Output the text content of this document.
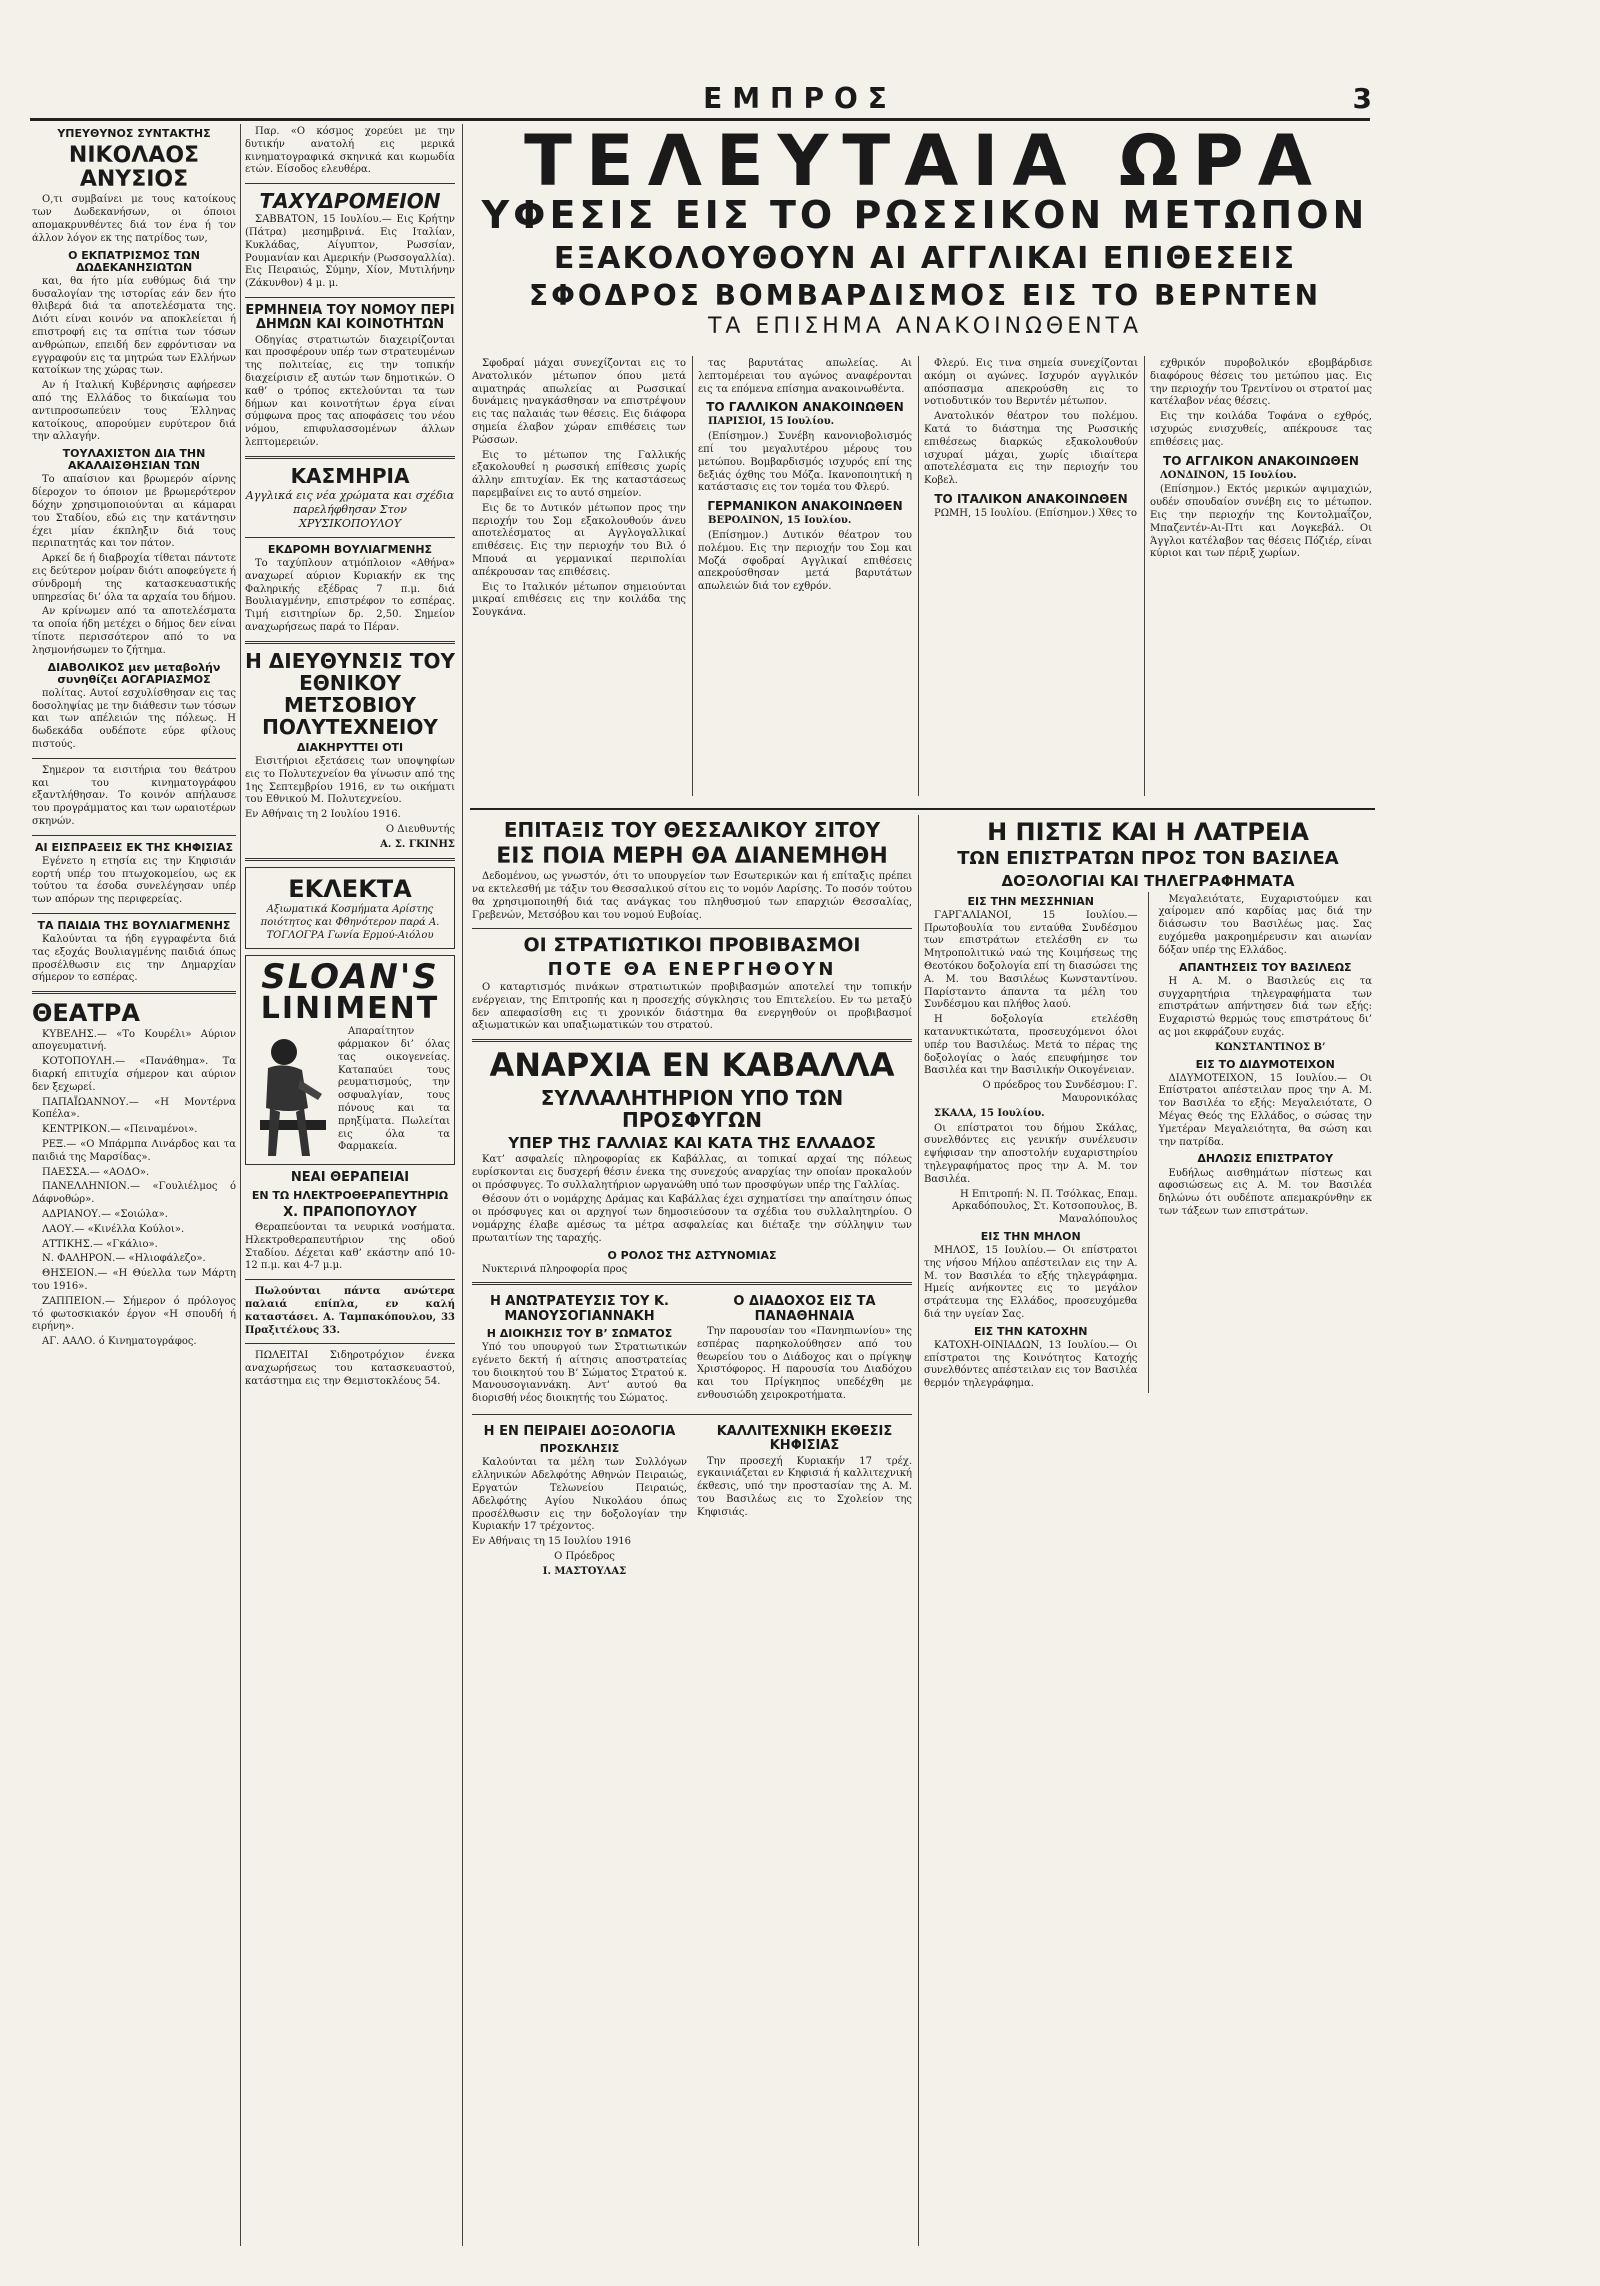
ΕΜΠΡΟΣ	3
ΥΠΕΥΘΥΝΟΣ ΣΥΝΤΑΚΤΗΣ
ΝΙΚΟΛΑΟΣ ΑΝΥΣΙΟΣ
Ο,τι συμβαίνει με τους κατοίκους των Δωδεκανήσων, οι όποιοι απομακρυνθέντες διά τον ένα ή τον άλλον λόγον εκ της πατρίδος των,
Ο ΕΚΠΑΤΡΙΣΜΟΣ ΤΩΝ ΔΩΔΕΚΑΝΗΣΙΩΤΩΝ
και, θα ήτο μία ευθύμως διά την δυσαλογίαν της ιστορίας εάν δεν ήτο θλιβερά διά τα αποτελέσματα της. Διότι είναι κοινόν να αποκλείεται ή επιστροφή εις τα σπίτια των τόσων ανθρώπων, επειδή δεν εφρόντισαν να εγγραφούν εις τα μητρώα των Ελλήνων κατοίκων της χώρας των.
Αν ή Ιταλική Κυβέρνησις αφήρεσεν από της Ελλάδος το δικαίωμα του αντιπροσωπεύειν τους Έλληνας κατοίκους, απορούμεν ευρύτερον διά την αλλαγήν.
ΤΟΥΛΑΧΙΣΤΟΝ ΔΙΑ ΤΗΝ ΑΚΑΛΑΙΣΘΗΣΙΑΝ ΤΩΝ
Το απαίσιον και βρωμερόν αίρνης δίεροχον το όποιον με βρωμερότερον δόχην χρησιμοποιούνται αι κάμαραι του Σταδίου, εδώ εις την κατάντησιν έχει μίαν έκπληξιν διά τους περιπατητάς και τον πάτον.
Αρκεί δε ή διαβροχία τίθεται πάντοτε εις δεύτερον μοίραν διότι αποφεύγετε ή σύνδρομή της κατασκευαστικής υπηρεσίας δι’ όλα τα αρχαία του δήμου.
Αν κρίνωμεν από τα αποτελέσματα τα οποία ήδη μετέχει ο δήμος δεν είναι τίποτε περισσότερον από το να λησμονήσωμεν το ζήτημα.
ΔΙΑΒΟΛΙΚΟΣ μεν μεταβολήν συνηθίζει ΑΟΓΑΡΙΑΣΜΟΣ
πολίτας. Αυτοί εσχυλίσθησαν εις τας δοσοληψίας με την διάθεσιν των τόσων και των απέλειών της πόλεως. Η δωδεκάδα ουδέποτε εύρε φίλους πιστούς.
Σημερον τα εισιτήρια του θεάτρου και του κινηματογράφου εξαντλήθησαν. Το κοινόν απήλαυσε του προγράμματος και των ωραιοτέρων σκηνών.
ΑΙ ΕΙΣΠΡΑΞΕΙΣ ΕΚ ΤΗΣ ΚΗΦΙΣΙΑΣ
Εγένετο η ετησία εις την Κηφισιάν εορτή υπέρ του πτωχοκομείου, ως εκ τούτου τα έσοδα συνελέγησαν υπέρ των απόρων της περιφερείας.
ΤΑ ΠΑΙΔΙΑ ΤΗΣ ΒΟΥΛΙΑΓΜΕΝΗΣ
Καλούνται τα ήδη εγγραφέντα διά τας εξοχάς Βουλιαγμένης παιδιά όπως προσέλθωσιν εις την Δημαρχίαν σήμερον το εσπέρας.
ΘΕΑΤΡΑ
ΚΥΒΕΛΗΣ.— «Το Κουρέλι» Αύριον απογευματινή.
ΚΟΤΟΠΟΥΛΗ.— «Πανάθημα». Τα διαρκή επιτυχία σήμερον και αύριον δεν ξεχωρεί.
ΠΑΠΑΪΩΑΝΝΟΥ.— «Η Μοντέρνα Κοπέλα».
ΚΕΝΤΡΙΚΟΝ.— «Πειναμένοι».
ΡΕΞ.— «Ο Μπάρμπα Λινάρδος και τα παιδιά της Μαρσίδας».
ΠΑΕΣΣΑ.— «ΑΟΔΟ».
ΠΑΝΕΛΛΗΝΙΟΝ.— «Γουλιέλμος ό Δάφνοθώρ».
ΑΔΡΙΑΝΟΥ.— «Σοιώλα».
ΛΑΟΥ.— «Κινέλλα Κούλοι».
ΑΤΤΙΚΗΣ.— «Γκάλιο».
Ν. ΦΑΛΗΡΟΝ.— «Ηλιοφάλεζο».
ΘΗΣΕΙΟΝ.— «Η Θύελλα των Μάρτη του 1916».
ΖΑΠΠΕΙΟΝ.— Σήμερον ό πρόλογος τό φωτοσκιακόν έργον «Η σπουδή ή ειρήνη».
ΑΓ. ΑΑΛΟ. ό Κινηματογράφος.
Παρ. «Ο κόσμος χορεύει με την δυτικήν ανατολή εις μερικά κινηματογραφικά σκηνικά και κωμωδία ετών. Είσοδος ελευθέρα.
ΤΑΧΥΔΡΟΜΕΙΟΝ
ΣΑΒΒΑΤΟΝ, 15 Ιουλίου.— Εις Κρήτην (Πάτρα) μεσημβρινά. Εις Ιταλίαν, Κυκλάδας, Αίγυπτον, Ρωσσίαν, Ρουμανίαν και Αμερικήν (Ρωσσογαλλία). Εις Πειραιώς, Σύμην, Χίον, Μυτιλήνην (Ζάκυνθον) 4 μ. μ.
ΕΡΜΗΝΕΙΑ ΤΟΥ ΝΟΜΟΥ ΠΕΡΙ ΔΗΜΩΝ ΚΑΙ ΚΟΙΝΟΤΗΤΩΝ
Οδηγίας στρατιωτών διαχειρίζονται και προσφέρουν υπέρ των στρατευμένων της πολιτείας, εις την τοπικήν διαχείρισιν εξ αυτών των δημοτικών. Ο καθ’ ο τρόπος εκτελούνται τα των δήμων και κοινοτήτων έργα είναι σύμφωνα προς τας αποφάσεις του νέου νόμου, επιφυλασσομένων άλλων λεπτομερειών.
ΚΑΣΜΗΡΙΑ
Αγγλικά εις νέα χρώματα και σχέδια παρελήφθησαν Στον ΧΡΥΣΙΚΟΠΟΥΛΟΥ
ΕΚΔΡΟΜΗ ΒΟΥΛΙΑΓΜΕΝΗΣ
Το ταχύπλουν ατμόπλοιον «Αθήνα» αναχωρεί αύριον Κυριακήν εκ της Φαληρικής εξέδρας 7 π.μ. διά Βουλιαγμένην, επιστρέφον το εσπέρας. Τιμή εισιτηρίων δρ. 2,50. Σημείον αναχωρήσεως παρά το Πέραν.
Η ΔΙΕΥΘΥΝΣΙΣ ΤΟΥ ΕΘΝΙΚΟΥ ΜΕΤΣΟΒΙΟΥ ΠΟΛΥΤΕΧΝΕΙΟΥ
ΔΙΑΚΗΡΥΤΤΕΙ ΟΤΙ
Εισιτήριοι εξετάσεις των υποψηφίων εις το Πολυτεχνείον θα γίνωσιν από της 1ης Σεπτεμβρίου 1916, εν τω οικήματι του Εθνικού Μ. Πολυτεχνείου.
Εν Αθήναις τη 2 Ιουλίου 1916.
Ο Διευθυντής
Α. Σ. ΓΚΙΝΗΣ
ΕΚΛΕΚΤΑ
Αξιωματικά Κοσμήματα Αρίστης ποιότητος και Φθηνότερον παρά Α. ΤΟΓΛΟΓΡΑ Γωνία Ερμού-Αιόλου
SLOAN'S
LINIMENT
Απαραίτητον φάρμακον δι’ όλας τας οικογενείας. Καταπαύει τους ρευματισμούς, την οσφυαλγίαν, τους πόνους και τα πρηξίματα. Πωλείται εις όλα τα Φαρμακεία.
ΝΕΑΙ ΘΕΡΑΠΕΙΑΙ
ΕΝ ΤΩ ΗΛΕΚΤΡΟΘΕΡΑΠΕΥΤΗΡΙΩ
Χ. ΠΡΑΠΟΠΟΥΛΟΥ
Θεραπεύονται τα νευρικά νοσήματα. Ηλεκτροθεραπευτήριον της οδού Σταδίου. Δέχεται καθ’ εκάστην από 10-12 π.μ. και 4-7 μ.μ.
Πωλούνται πάντα ανώτερα παλαιά επίπλα, εν καλή καταστάσει. Α. Ταμπακόπουλου, 33 Πραξιτέλους 33.
ΠΩΛΕΙΤΑΙ Σιδηροτρόχιον ένεκα αναχωρήσεως του κατασκευαστού, κατάστημα εις την Θεμιστοκλέους 54.
ΤΕΛΕΥΤΑΙΑ ΩΡΑ
ΥΦΕΣΙΣ ΕΙΣ ΤΟ ΡΩΣΣΙΚΟΝ ΜΕΤΩΠΟΝ
ΕΞΑΚΟΛΟΥΘΟΥΝ ΑΙ ΑΓΓΛΙΚΑΙ ΕΠΙΘΕΣΕΙΣ
ΣΦΟΔΡΟΣ ΒΟΜΒΑΡΔΙΣΜΟΣ ΕΙΣ ΤΟ ΒΕΡΝΤΕΝ
ΤΑ ΕΠΙΣΗΜΑ ΑΝΑΚΟΙΝΩΘΕΝΤΑ
Σφοδραί μάχαι συνεχίζονται εις το Ανατολικόν μέτωπον όπου μετά αιματηράς απωλείας αι Ρωσσικαί δυνάμεις ηναγκάσθησαν να επιστρέψουν εις τας παλαιάς των θέσεις. Εις διάφορα σημεία έλαβον χώραν επιθέσεις των Ρώσσων.
Εις το μέτωπον της Γαλλικής εξακολουθεί η ρωσσική επίθεσις χωρίς άλλην επιτυχίαν. Εκ της καταστάσεως παρεμβαίνει εις το αυτό σημείον.
Εις δε το Δυτικόν μέτωπον προς την περιοχήν του Σομ εξακολουθούν άνευ αποτελέσματος αι Αγγλογαλλικαί επιθέσεις. Εις την περιοχήν του Βιλ ό Μπουά αι γερμανικαί περιπολίαι απέκρουσαν τας επιθέσεις.
Εις το Ιταλικόν μέτωπον σημειούνται μικραί επιθέσεις εις την κοιλάδα της Σουγκάνα.
τας βαρυτάτας απωλείας. Αι λεπτομέρειαι του αγώνος αναφέρονται εις τα επόμενα επίσημα ανακοινωθέντα.
ΤΟ ΓΑΛΛΙΚΟΝ ΑΝΑΚΟΙΝΩΘΕΝ
ΠΑΡΙΣΙΟΙ, 15 Ιουλίου.
(Επίσημον.) Συνέβη κανονιοβολισμός επί του μεγαλυτέρου μέρους του μετώπου. Βομβαρδισμός ισχυρός επί της δεξιάς όχθης του Μόζα. Ικανοποιητική η κατάστασις εις τον τομέα του Φλερύ.
ΓΕΡΜΑΝΙΚΟΝ ΑΝΑΚΟΙΝΩΘΕΝ
ΒΕΡΟΛΙΝΟΝ, 15 Ιουλίου.
(Επίσημον.) Δυτικόν θέατρον του πολέμου. Εις την περιοχήν του Σομ και Μοζά σφοδραί Αγγλικαί επιθέσεις απεκρούσθησαν μετά βαρυτάτων απωλειών διά τον εχθρόν.
Φλερύ. Εις τινα σημεία συνεχίζονται ακόμη οι αγώνες. Ισχυρόν αγγλικόν απόσπασμα απεκρούσθη εις το νοτιοδυτικόν του Βερντέν μέτωπον.
Ανατολικόν θέατρον του πολέμου. Κατά το διάστημα της Ρωσσικής επιθέσεως διαρκώς εξακολουθούν ισχυραί μάχαι, χωρίς ιδιαίτερα αποτελέσματα εις την περιοχήν του Κοβελ.
ΤΟ ΙΤΑΛΙΚΟΝ ΑΝΑΚΟΙΝΩΘΕΝ
ΡΩΜΗ, 15 Ιουλίου. (Επίσημον.) Χθες το
εχθρικόν πυροβολικόν εβομβάρδισε διαφόρους θέσεις του μετώπου μας. Εις την περιοχήν του Τρεντίνου οι στρατοί μας κατέλαβον νέας θέσεις.
Εις την κοιλάδα Τοφάνα ο εχθρός, ισχυρώς ενισχυθείς, απέκρουσε τας επιθέσεις μας.
ΤΟ ΑΓΓΛΙΚΟΝ ΑΝΑΚΟΙΝΩΘΕΝ
ΛΟΝΔΙΝΟΝ, 15 Ιουλίου.
(Επίσημον.) Εκτός μερικών αψιμαχιών, ουδέν σπουδαίον συνέβη εις το μέτωπον. Εις την περιοχήν της Κοντολμαΐζον, Μπαζεντέν-Αι-Πτι και Λογκεβάλ. Οι Άγγλοι κατέλαβον τας θέσεις Πόζιέρ, είναι κύριοι και των πέριξ χωρίων.
ΕΠΙΤΑΞΙΣ ΤΟΥ ΘΕΣΣΑΛΙΚΟΥ ΣΙΤΟΥ
ΕΙΣ ΠΟΙΑ ΜΕΡΗ ΘΑ ΔΙΑΝΕΜΗΘΗ
Δεδομένου, ως γνωστόν, ότι το υπουργείον των Εσωτερικών και ή επίταξις πρέπει να εκτελεσθή με τάξιν του Θεσσαλικού σίτου εις το νομόν Λαρίσης. Το ποσόν τούτου θα χρησιμοποιηθή διά τας ανάγκας του πληθυσμού των επαρχιών Θεσσαλίας, Γρεβενών, Μετσόβου και του νομού Ευβοίας.
ΟΙ ΣΤΡΑΤΙΩΤΙΚΟΙ ΠΡΟΒΙΒΑΣΜΟΙ
ΠΟΤΕ ΘΑ ΕΝΕΡΓΗΘΟΥΝ
Ο καταρτισμός πινάκων στρατιωτικών προβιβασμών αποτελεί την τοπικήν ενέργειαν, της Επιτροπής και η προσεχής σύγκλησις του Επιτελείου. Εν τω μεταξύ δεν απεφασίσθη εις τι χρονικόν διάστημα θα ενεργηθούν οι προβιβασμοί αξιωματικών και υπαξιωματικών του στρατού.
ΑΝΑΡΧΙΑ ΕΝ ΚΑΒΑΛΛΑ
ΣΥΛΛΑΛΗΤΗΡΙΟΝ ΥΠΟ ΤΩΝ ΠΡΟΣΦΥΓΩΝ
ΥΠΕΡ ΤΗΣ ΓΑΛΛΙΑΣ ΚΑΙ ΚΑΤΑ ΤΗΣ ΕΛΛΑΔΟΣ
Κατ’ ασφαλείς πληροφορίας εκ Καβάλλας, αι τοπικαί αρχαί της πόλεως ευρίσκονται εις δυσχερή θέσιν ένεκα της συνεχούς αναρχίας την οποίαν προκαλούν οι πρόσφυγες. Το συλλαλητήριον ωργανώθη υπό των προσφύγων υπέρ της Γαλλίας.
Θέσουν ότι ο νομάρχης Δράμας και Καβάλλας έχει σχηματίσει την απαίτησιν όπως οι πρόσφυγες και οι αρχηγοί των δημοσιεύσουν τα σχέδια του συλλαλητηρίου. Ο νομάρχης έλαβε αμέσως τα μέτρα ασφαλείας και διέταξε την σύλληψιν των πρωταιτίων της ταραχής.
Ο ΡΟΛΟΣ ΤΗΣ ΑΣΤΥΝΟΜΙΑΣ
Νυκτερινά πληροφορία προς
Η ΑΝΩΤΡΑΤΕΥΣΙΣ ΤΟΥ Κ. ΜΑΝΟΥΣΟΓΙΑΝΝΑΚΗ
Η ΔΙΟΙΚΗΣΙΣ ΤΟΥ Β’ ΣΩΜΑΤΟΣ
Υπό του υπουργού των Στρατιωτικών εγένετο δεκτή ή αίτησις αποστρατείας του διοικητού του Β’ Σώματος Στρατού κ. Μανουσογιαννάκη. Αντ’ αυτού θα διορισθή νέος διοικητής του Σώματος.
Ο ΔΙΑΔΟΧΟΣ ΕΙΣ ΤΑ ΠΑΝΑΘΗΝΑΙΑ
Την παρουσίαν του «Πανηπιωνίου» της εσπέρας παρηκολούθησεν από του θεωρείου του ο Διάδοχος και ο πρίγκηψ Χριστόφορος. Η παρουσία του Διαδόχου και του Πρίγκηπος υπεδέχθη με ενθουσιώδη χειροκροτήματα.
Η ΕΝ ΠΕΙΡΑΙΕΙ ΔΟΞΟΛΟΓΙΑ
ΠΡΟΣΚΛΗΣΙΣ
Καλούνται τα μέλη των Συλλόγων ελληνικών Αδελφότης Αθηνών Πειραιώς, Εργατών Τελωνείου Πειραιώς, Αδελφότης Αγίου Νικολάου όπως προσέλθωσιν εις την δοξολογίαν την Κυριακήν 17 τρέχοντος.
Εν Αθήναις τη 15 Ιουλίου 1916
Ο Πρόεδρος
Ι. ΜΑΣΤΟΥΛΑΣ
ΚΑΛΛΙΤΕΧΝΙΚΗ ΕΚΘΕΣΙΣ ΚΗΦΙΣΙΑΣ
Την προσεχή Κυριακήν 17 τρέχ. εγκαινιάζεται εν Κηφισιά ή καλλιτεχνική έκθεσις, υπό την προστασίαν της Α. Μ. του Βασιλέως εις το Σχολείον της Κηφισιάς.
Η ΠΙΣΤΙΣ ΚΑΙ Η ΛΑΤΡΕΙΑ
ΤΩΝ ΕΠΙΣΤΡΑΤΩΝ ΠΡΟΣ ΤΟΝ ΒΑΣΙΛΕΑ
ΔΟΞΟΛΟΓΙΑΙ ΚΑΙ ΤΗΛΕΓΡΑΦΗΜΑΤΑ
ΕΙΣ ΤΗΝ ΜΕΣΣΗΝΙΑΝ
ΓΑΡΓΑΛΙΑΝΟΙ, 15 Ιουλίου.— Πρωτοβουλία του ενταύθα Συνδέσμου των επιστράτων ετελέσθη εν τω Μητροπολιτικώ ναώ της Κοιμήσεως της Θεοτόκου δοξολογία επί τη διασώσει της Α. Μ. του Βασιλέως Κωνσταντίνου. Παρίσταντο άπαντα τα μέλη του Συνδέσμου και πλήθος λαού.
Η δοξολογία ετελέσθη κατανυκτικώτατα, προσευχόμενοι όλοι υπέρ του Βασιλέως. Μετά το πέρας της δοξολογίας ο λαός επευφήμησε τον Βασιλέα και την Βασιλικήν Οικογένειαν.
Ο πρόεδρος του Συνδέσμου: Γ. Μαυρονικόλας
ΣΚΑΛΑ, 15 Ιουλίου.
Οι επίστρατοι του δήμου Σκάλας, συνελθόντες εις γενικήν συνέλευσιν εψήφισαν την αποστολήν ευχαριστηρίου τηλεγραφήματος προς την Α. Μ. τον Βασιλέα.
Η Επιτροπή: Ν. Π. Τσόλκας, Επαμ. Αρκαδόπουλος, Στ. Κοτσοπουλος, Β. Μαναλόπουλος
ΕΙΣ ΤΗΝ ΜΗΛΟΝ
ΜΗΛΟΣ, 15 Ιουλίου.— Οι επίστρατοι της νήσου Μήλου απέστειλαν εις την Α. Μ. τον Βασιλέα το εξής τηλεγράφημα. Ημείς ανήκοντες εις το μεγάλον στράτευμα της Ελλάδος, προσευχόμεθα διά την υγείαν Σας.
ΕΙΣ ΤΗΝ ΚΑΤΟΧΗΝ
ΚΑΤΟΧΗ-ΟΙΝΙΑΔΩΝ, 13 Ιουλίου.— Οι επίστρατοι της Κοινότητος Κατοχής συνελθόντες απέστειλαν εις τον Βασιλέα θερμόν τηλεγράφημα.
Μεγαλειότατε, Ευχαριστούμεν και χαίρομεν από καρδίας μας διά την διάσωσιν του Βασιλέως μας. Σας ευχόμεθα μακροημέρευσιν και αιωνίαν δόξαν υπέρ της Ελλάδος.
ΑΠΑΝΤΗΣΕΙΣ ΤΟΥ ΒΑΣΙΛΕΩΣ
Η Α. Μ. ο Βασιλεύς εις τα συγχαρητήρια τηλεγραφήματα των επιστράτων απήντησεν διά των εξής: Ευχαριστώ θερμώς τους επιστράτους δι’ ας μοι εκφράζουν ευχάς.
ΚΩΝΣΤΑΝΤΙΝΟΣ Β’
ΕΙΣ ΤΟ ΔΙΔΥΜΟΤΕΙΧΟΝ
ΔΙΔΥΜΟΤΕΙΧΟΝ, 15 Ιουλίου.— Οι Επίστρατοι απέστειλαν προς την Α. Μ. τον Βασιλέα το εξής: Μεγαλειότατε, Ο Μέγας Θεός της Ελλάδος, ο σώσας την Υμετέραν Μεγαλειότητα, θα σώση και την πατρίδα.
ΔΗΛΩΣΙΣ ΕΠΙΣΤΡΑΤΟΥ
Ευδήλως αισθημάτων πίστεως και αφοσιώσεως εις Α. Μ. τον Βασιλέα δηλώνω ότι ουδέποτε απεμακρύνθην εκ των τάξεων των επιστράτων.
